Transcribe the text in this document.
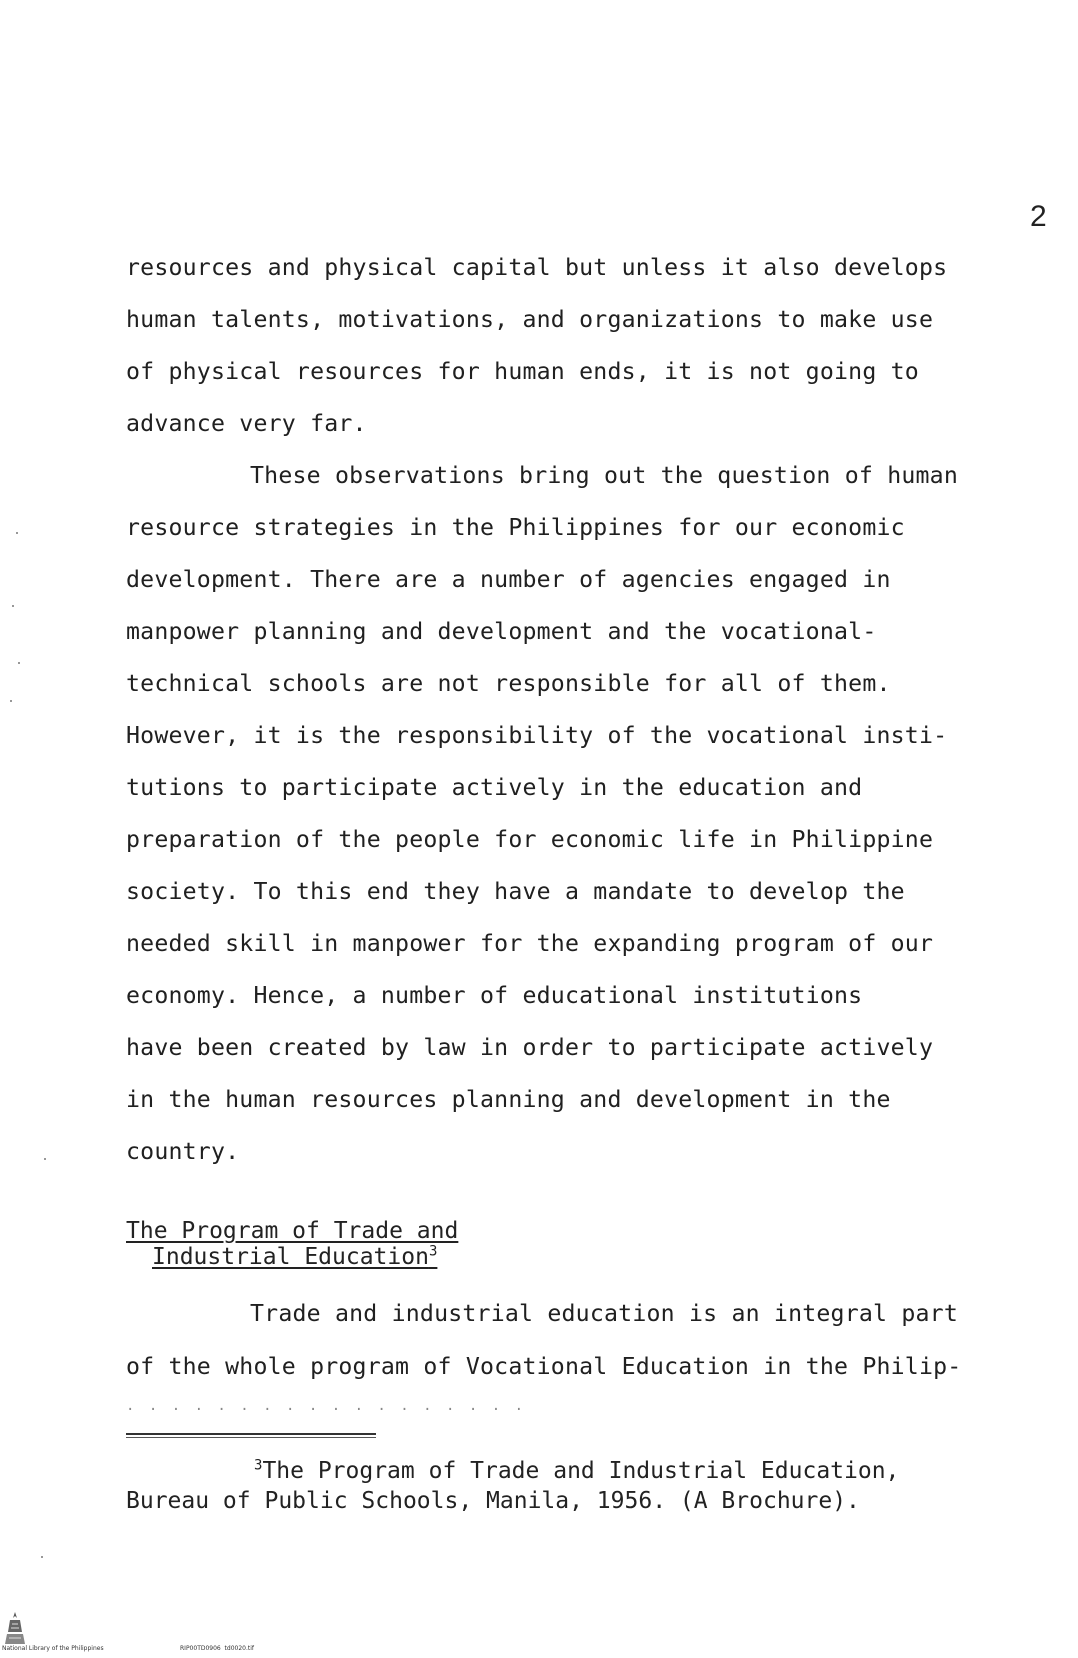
2
resources and physical capital but unless it also develops
human talents, motivations, and organizations to make use
of physical resources for human ends, it is not going to
advance very far.
These observations bring out the question of human
resource strategies in the Philippines for our economic
development. There are a number of agencies engaged in
manpower planning and development and the vocational-
technical schools are not responsible for all of them.
However, it is the responsibility of the vocational insti-
tutions to participate actively in the education and
preparation of the people for economic life in Philippine
society. To this end they have a mandate to develop the
needed skill in manpower for the expanding program of our
economy. Hence, a number of educational institutions
have been created by law in order to participate actively
in the human resources planning and development in the
country.
The Program of Trade and
Industrial Education$^3$
Trade and industrial education is an integral part
of the whole program of Vocational Education in the Philip-
. . . . . . . . . . . . . . . . . .
$^3$The Program of Trade and Industrial Education,
Bureau of Public Schools, Manila, 1956. (A Brochure).
National Library of the Philippines	RIP00TD0906  td0020.tif
